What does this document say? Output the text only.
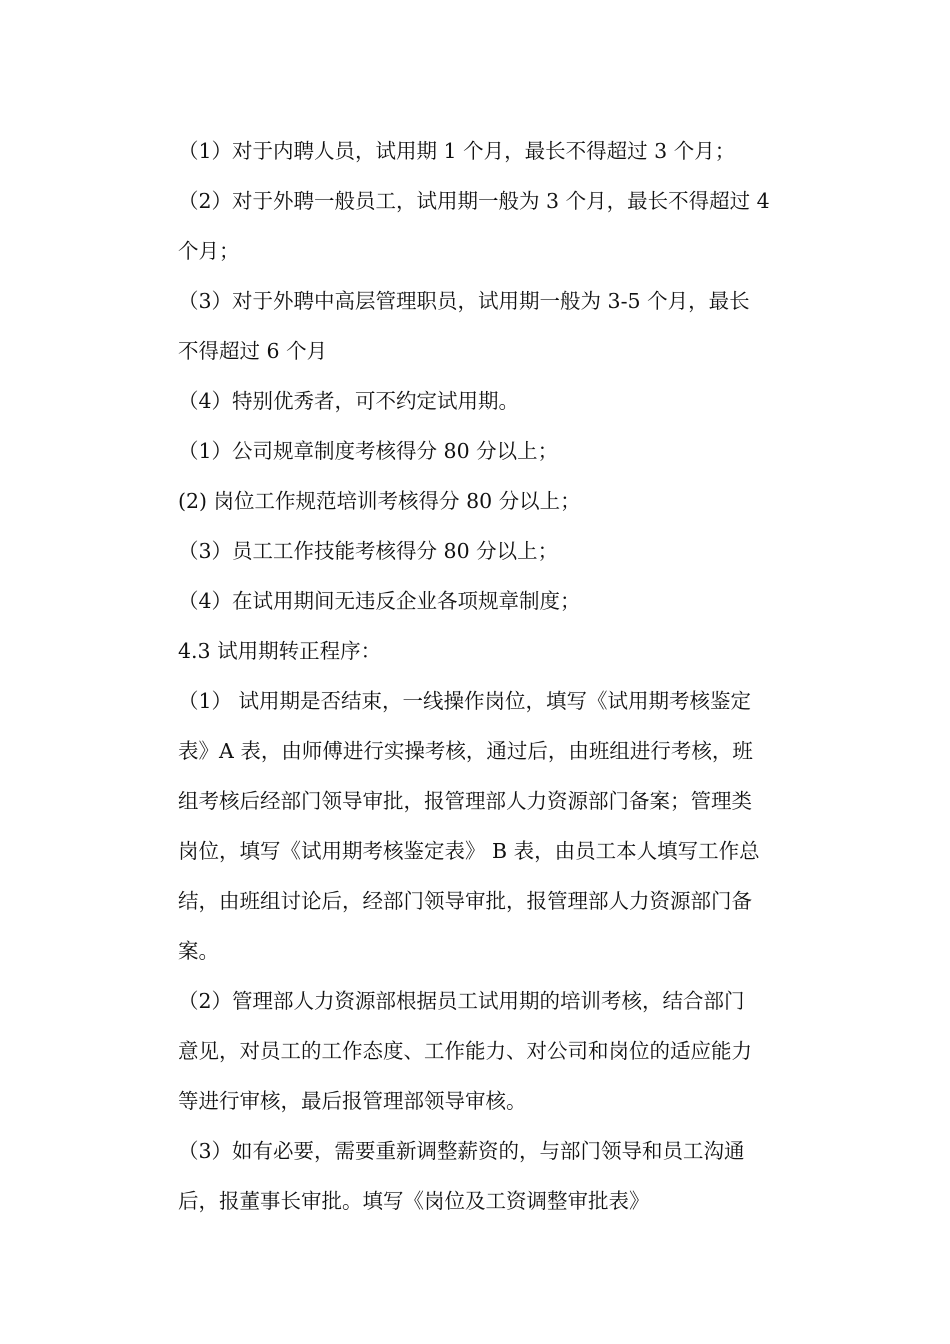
（1）对于内聘人员，试用期 1 个月，最长不得超过 3 个月；
（2）对于外聘一般员工，试用期一般为 3 个月，最长不得超过 4
个月；
（3）对于外聘中高层管理职员，试用期一般为 3-5 个月，最长
不得超过 6 个月
（4）特别优秀者，可不约定试用期。
（1）公司规章制度考核得分 80 分以上；
(2) 岗位工作规范培训考核得分 80 分以上；
（3）员工工作技能考核得分 80 分以上；
（4）在试用期间无违反企业各项规章制度；
4.3 试用期转正程序：
（1） 试用期是否结束，一线操作岗位，填写《试用期考核鉴定
表》A 表，由师傅进行实操考核，通过后，由班组进行考核，班
组考核后经部门领导审批，报管理部人力资源部门备案；管理类
岗位，填写《试用期考核鉴定表》 B 表，由员工本人填写工作总
结，由班组讨论后，经部门领导审批，报管理部人力资源部门备
案。
（2）管理部人力资源部根据员工试用期的培训考核，结合部门
意见，对员工的工作态度、工作能力、对公司和岗位的适应能力
等进行审核，最后报管理部领导审核。
（3）如有必要，需要重新调整薪资的，与部门领导和员工沟通
后，报董事长审批。填写《岗位及工资调整审批表》
